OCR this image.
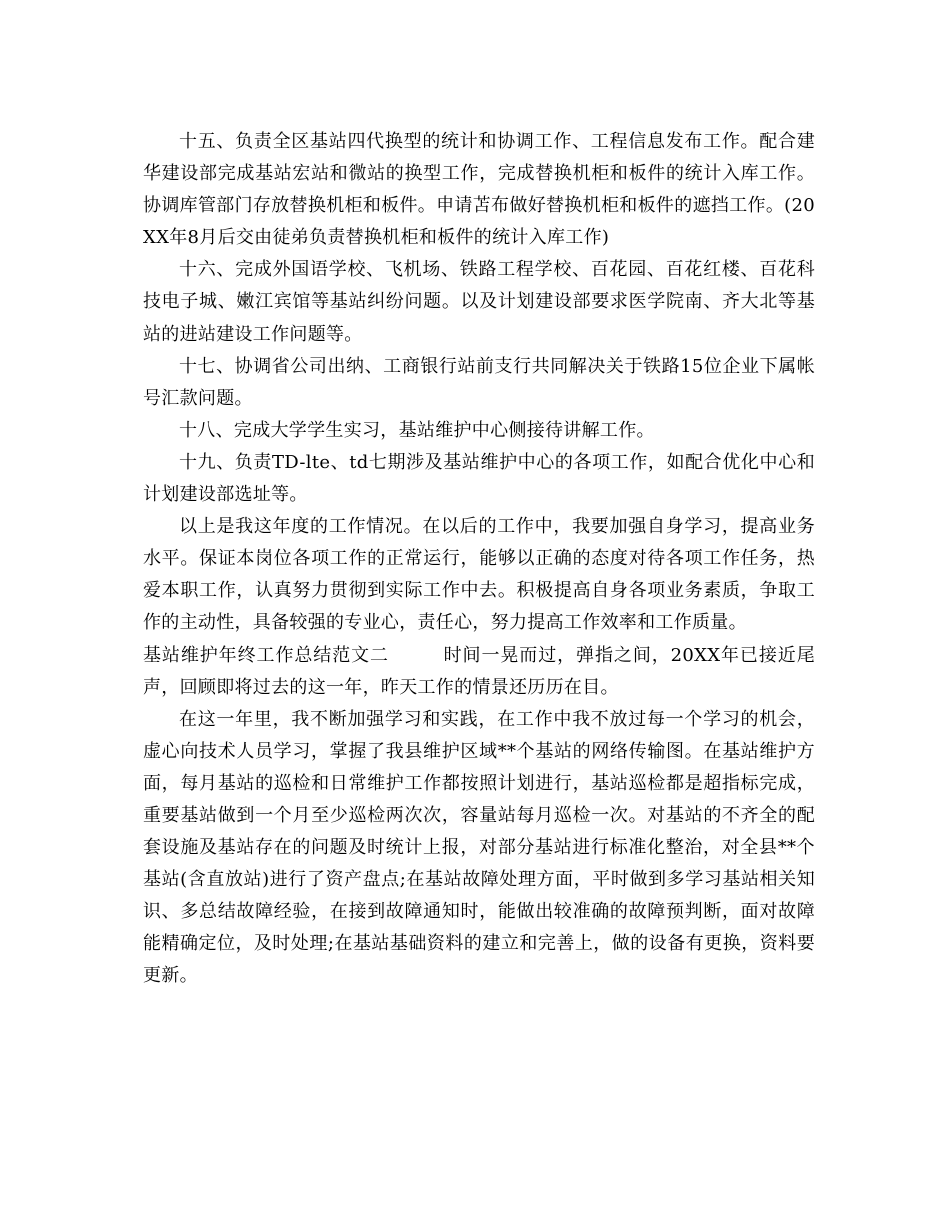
十五、负责全区基站四代换型的统计和协调工作、工程信息发布工作。配合建华建设部完成基站宏站和微站的换型工作，完成替换机柜和板件的统计入库工作。协调库管部门存放替换机柜和板件。申请苫布做好替换机柜和板件的遮挡工作。(20XX年8月后交由徒弟负责替换机柜和板件的统计入库工作)

十六、完成外国语学校、飞机场、铁路工程学校、百花园、百花红楼、百花科技电子城、嫩江宾馆等基站纠纷问题。以及计划建设部要求医学院南、齐大北等基站的进站建设工作问题等。

十七、协调省公司出纳、工商银行站前支行共同解决关于铁路15位企业下属帐号汇款问题。

十八、完成大学学生实习，基站维护中心侧接待讲解工作。

十九、负责TD-lte、td七期涉及基站维护中心的各项工作，如配合优化中心和计划建设部选址等。

以上是我这年度的工作情况。在以后的工作中，我要加强自身学习，提高业务水平。保证本岗位各项工作的正常运行，能够以正确的态度对待各项工作任务，热爱本职工作，认真努力贯彻到实际工作中去。积极提高自身各项业务素质，争取工作的主动性，具备较强的专业心，责任心，努力提高工作效率和工作质量。

基站维护年终工作总结范文二	时间一晃而过，弹指之间，20XX年已接近尾声，回顾即将过去的这一年，昨天工作的情景还历历在目。

在这一年里，我不断加强学习和实践，在工作中我不放过每一个学习的机会，虚心向技术人员学习，掌握了我县维护区域**个基站的网络传输图。在基站维护方面，每月基站的巡检和日常维护工作都按照计划进行，基站巡检都是超指标完成，重要基站做到一个月至少巡检两次次，容量站每月巡检一次。对基站的不齐全的配套设施及基站存在的问题及时统计上报，对部分基站进行标准化整治，对全县**个基站(含直放站)进行了资产盘点;在基站故障处理方面，平时做到多学习基站相关知识、多总结故障经验，在接到故障通知时，能做出较准确的故障预判断，面对故障能精确定位，及时处理;在基站基础资料的建立和完善上，做的设备有更换，资料要更新。
